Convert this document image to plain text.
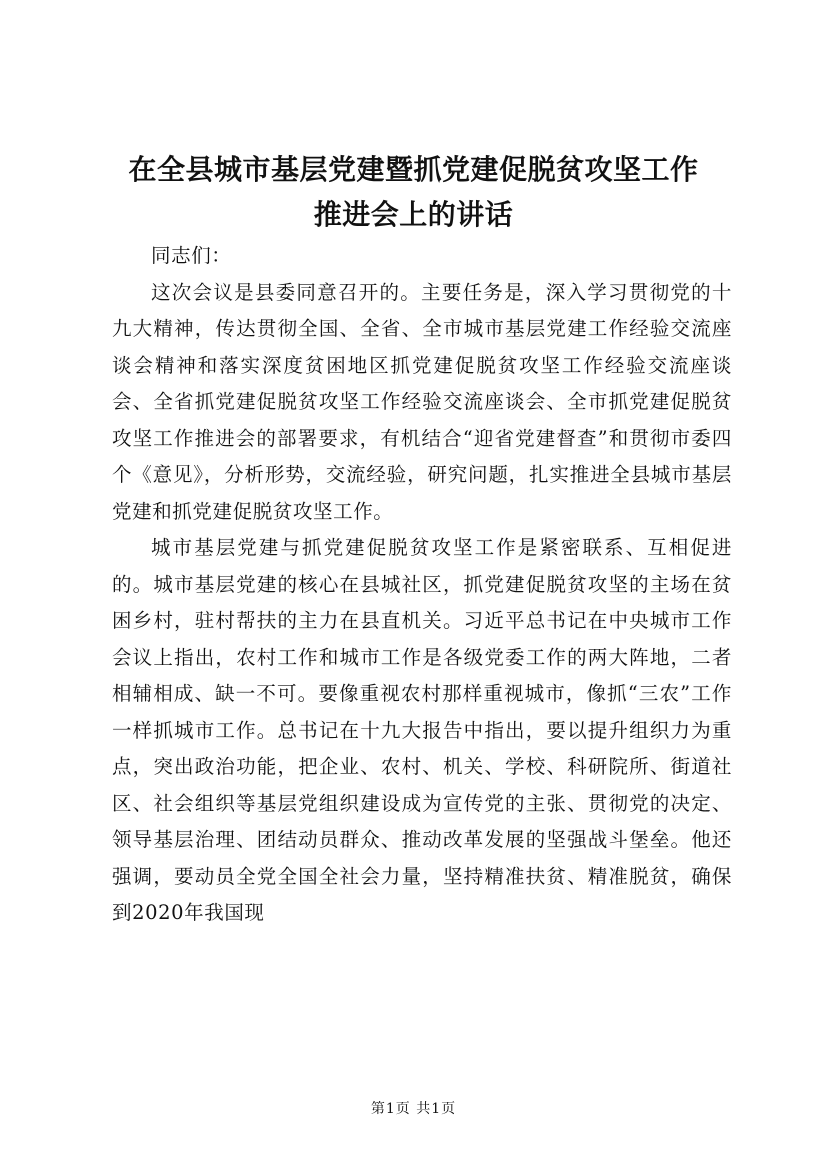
在全县城市基层党建暨抓党建促脱贫攻坚工作
推进会上的讲话

同志们：

这次会议是县委同意召开的。主要任务是，深入学习贯彻党的十九大精神，传达贯彻全国、全省、全市城市基层党建工作经验交流座谈会精神和落实深度贫困地区抓党建促脱贫攻坚工作经验交流座谈会、全省抓党建促脱贫攻坚工作经验交流座谈会、全市抓党建促脱贫攻坚工作推进会的部署要求，有机结合“迎省党建督查”和贯彻市委四个《意见》，分析形势，交流经验，研究问题，扎实推进全县城市基层党建和抓党建促脱贫攻坚工作。

城市基层党建与抓党建促脱贫攻坚工作是紧密联系、互相促进的。城市基层党建的核心在县城社区，抓党建促脱贫攻坚的主场在贫困乡村，驻村帮扶的主力在县直机关。习近平总书记在中央城市工作会议上指出，农村工作和城市工作是各级党委工作的两大阵地，二者相辅相成、缺一不可。要像重视农村那样重视城市，像抓“三农”工作一样抓城市工作。总书记在十九大报告中指出，要以提升组织力为重点，突出政治功能，把企业、农村、机关、学校、科研院所、街道社区、社会组织等基层党组织建设成为宣传党的主张、贯彻党的决定、领导基层治理、团结动员群众、推动改革发展的坚强战斗堡垒。他还强调，要动员全党全国全社会力量，坚持精准扶贫、精准脱贫，确保到2020年我国现

第1页 共1页
